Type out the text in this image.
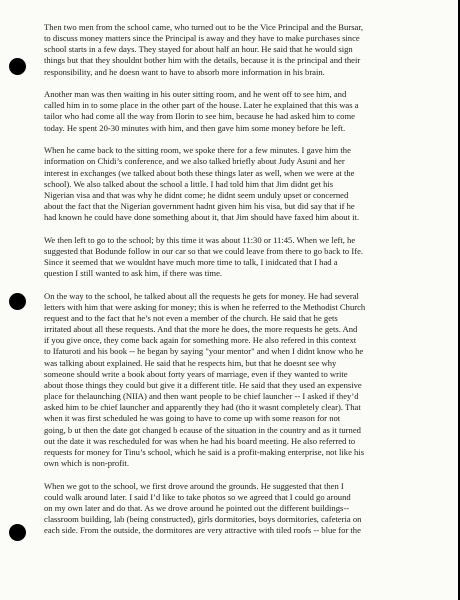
Then two men from the school came, who turned out to be the Vice Principal and the Bursar,
to discuss money matters since the Principal is away and they have to make purchases since
school starts in a few days. They stayed for about half an hour. He said that he would sign
things but that they shouldnt bother him with the details, because it is the principal and their
responsibility, and he doesn want to have to absorb more information in his brain.
Another man was then waiting in his outer sitting room, and he went off to see him, and
called him in to some place in the other part of the house. Later he explained that this was a
tailor who had come all the way from Ilorin to see him, because he had asked him to come
today. He spent 20-30 minutes with him, and then gave him some money before he left.
When he came back to the sitting room, we spoke there for a few minutes. I gave him the
information on Chidi’s conference, and we also talked briefly about Judy Asuni and her
interest in exchanges (we talked about both these things later as well, when we were at the
school). We also talked about the school a little. I had told him that Jim didnt get his
Nigerian visa and that was why he didnt come; he didnt seem unduly upset or concerned
about the fact that the Nigerian government hadnt given him his visa, but did say that if he
had known he could have done something about it, that Jim should have faxed him about it.
We then left to go to the school; by this time it was about 11:30 or 11:45. When we left, he
suggested that Bodunde follow in our car so that we could leave from there to go back to Ife.
Since it seemed that we wouldnt have much more time to talk, I inidcated that I had a
question I still wanted to ask him, if there was time.
On the way to the school, he talked about all the requests he gets for money. He had several
letters with him that were asking for money; this is when he referred to the Methodist Church
request and to the fact that he’s not even a member of the church. He said that he gets
irritated about all these requests. And that the more he does, the more requests he gets. And
if you give once, they come back again for something more. He also refered in this context
to Ifaturoti and his book -- he began by saying "your mentor" and when I didnt know who he
was talking about explained. He said that he respects him, but that he doesnt see why
someone should write a book about forty years of marriage, even if they wanted to write
about those things they could but give it a different title. He said that they used an expensive
place for thelaunching (NIIA) and then want people to be chief launcher -- I asked if they’d
asked him to be chief launcher and apparently they had (tho it wasnt completely clear). That
when it was first scheduled he was going to have to come up with some reason for not
going, b ut then the date got changed b ecause of the situation in the country and as it turned
out the date it was rescheduled for was when he had his board meeting. He also referred to
requests for money for Tinu’s school, which he said is a profit-making enterprise, not like his
own which is non-profit.
When we got to the school, we first drove around the grounds. He suggested that then I
could walk around later. I said I’d like to take photos so we agreed that I could go around
on my own later and do that. As we drove around he pointed out the different buildings--
classroom building, lab (being constructed), girls dormitories, boys dormitories, cafeteria on
each side. From the outside, the dormitores are very attractive with tiled roofs -- blue for the
